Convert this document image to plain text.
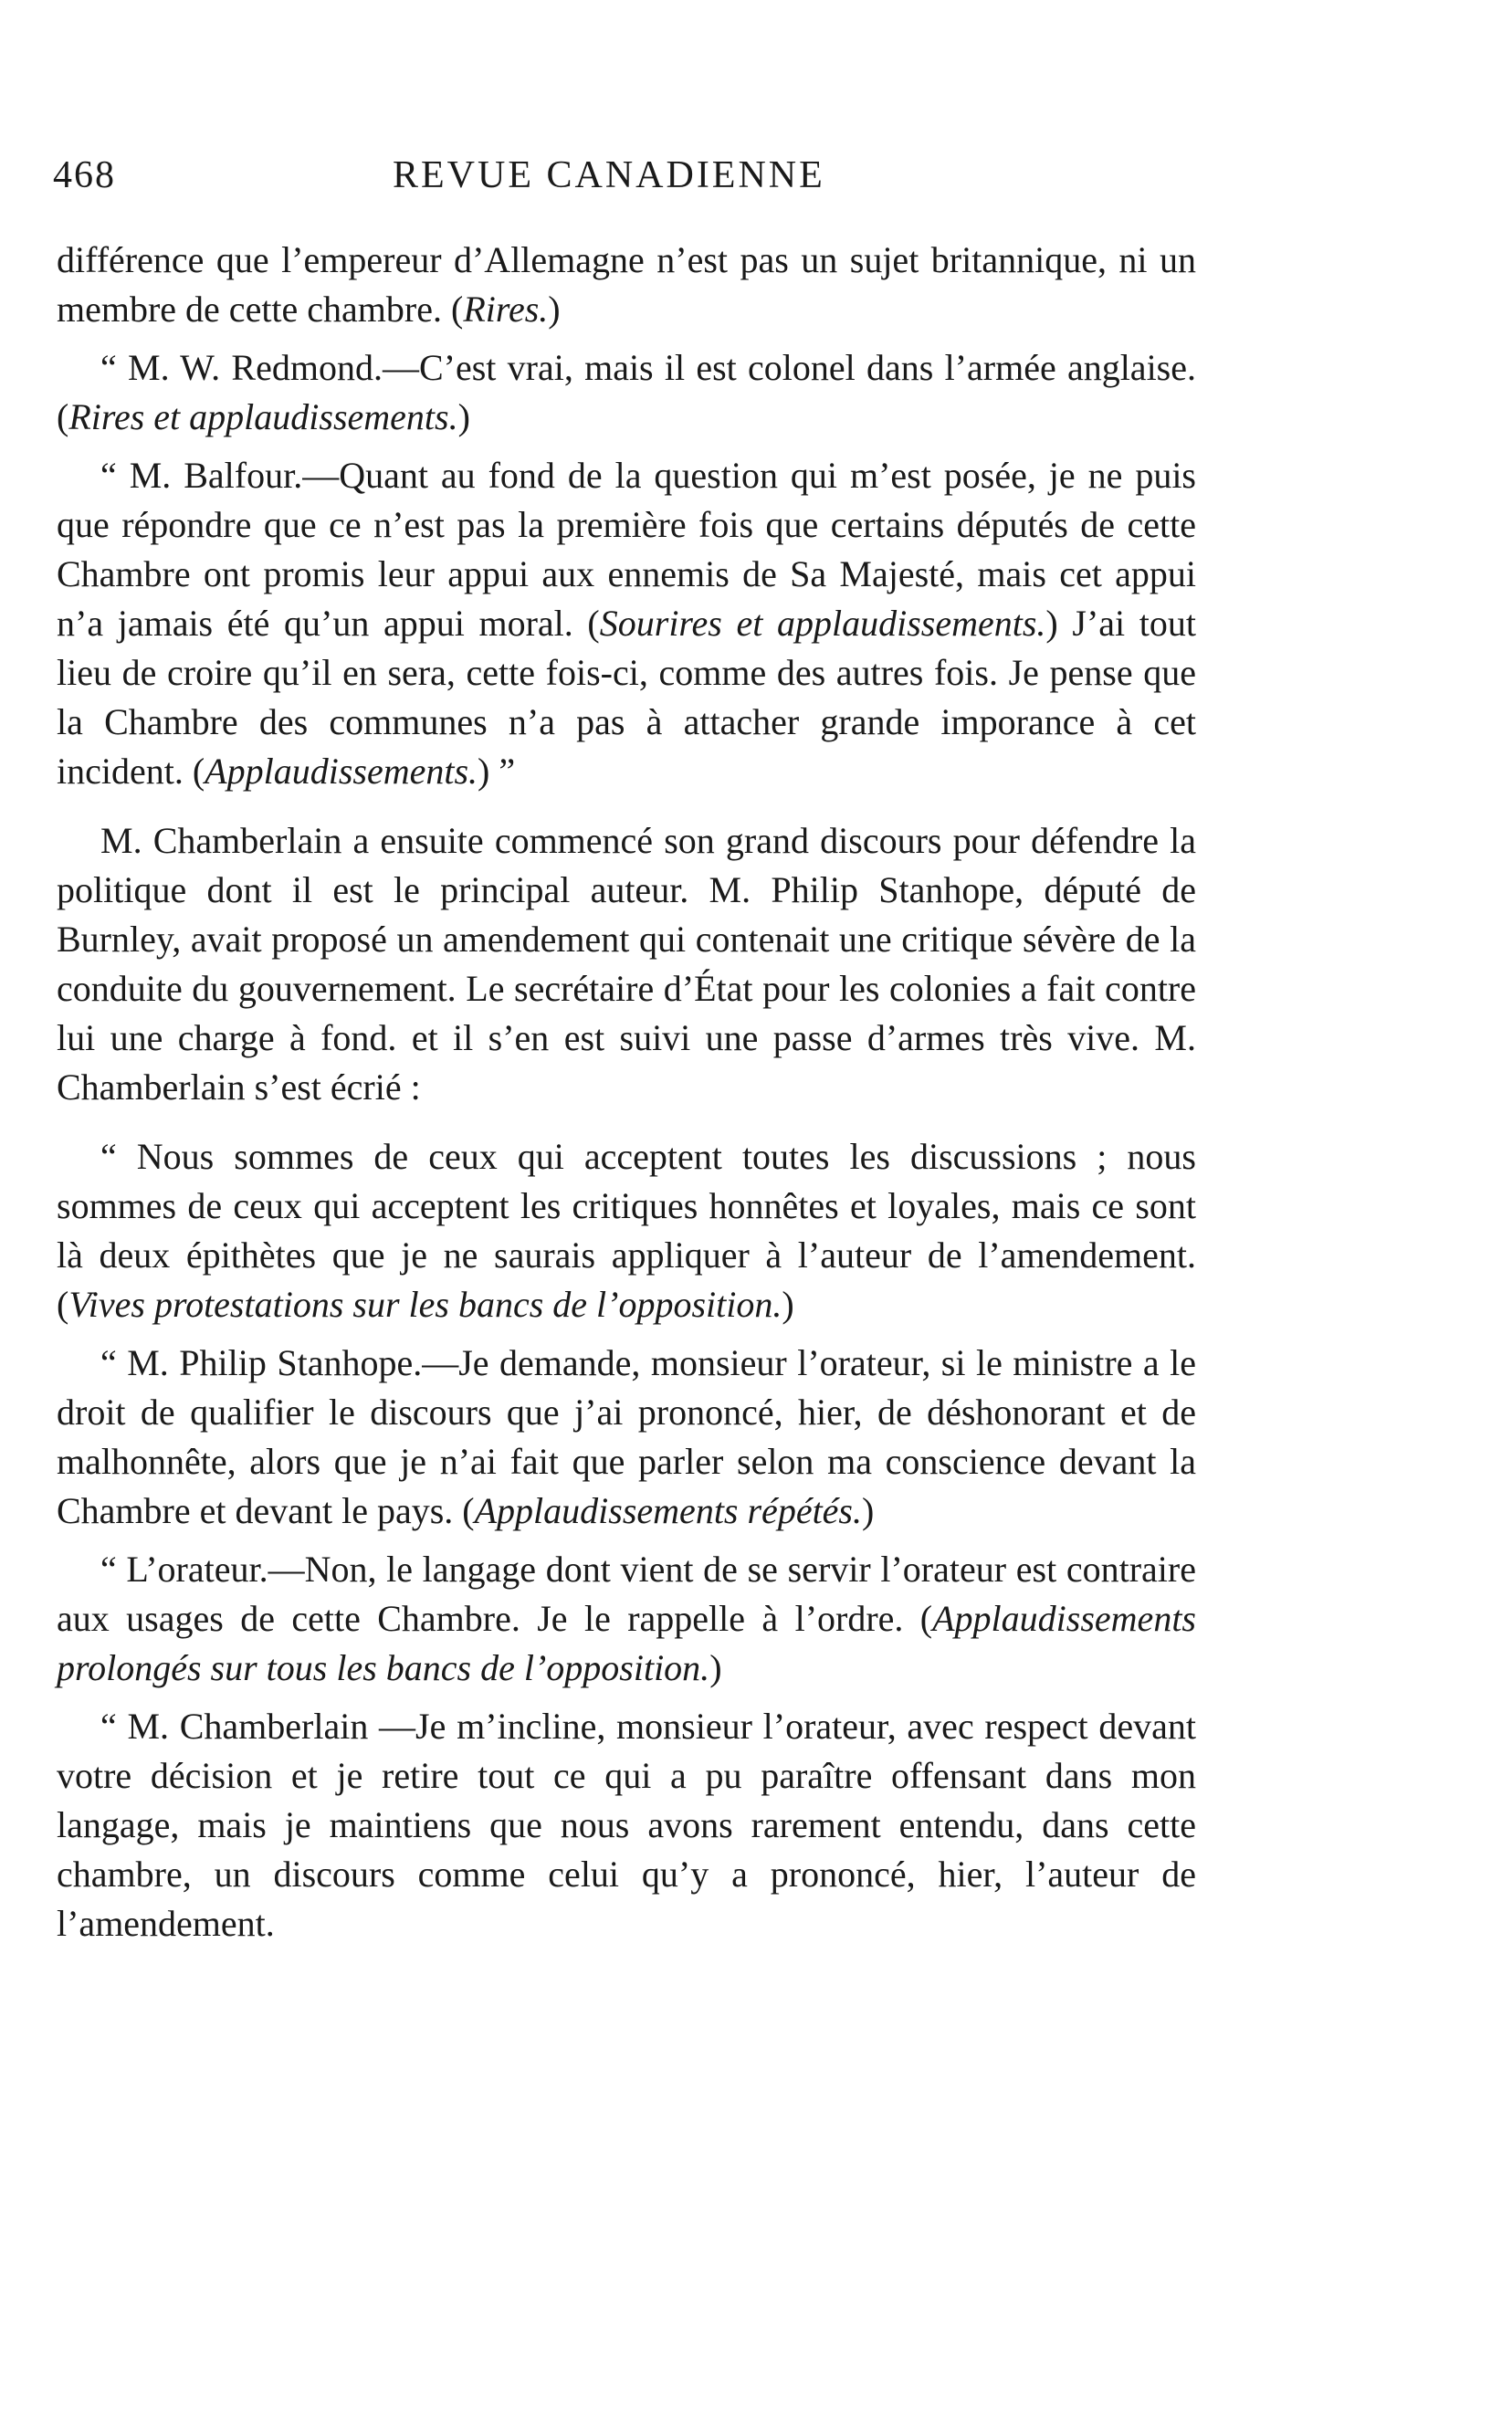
468	REVUE CANADIENNE

différence que l’empereur d’Allemagne n’est pas un sujet britannique, ni un membre de cette chambre. (Rires.)

“ M. W. Redmond.—C’est vrai, mais il est colonel dans l’armée anglaise. (Rires et applaudissements.)

“ M. Balfour.—Quant au fond de la question qui m’est posée, je ne puis que répondre que ce n’est pas la première fois que certains députés de cette Chambre ont promis leur appui aux ennemis de Sa Majesté, mais cet appui n’a jamais été qu’un appui moral. (Sourires et applaudissements.) J’ai tout lieu de croire qu’il en sera, cette fois-ci, comme des autres fois. Je pense que la Chambre des communes n’a pas à attacher grande imporance à cet incident. (Applaudissements.) ”

M. Chamberlain a ensuite commencé son grand discours pour défendre la politique dont il est le principal auteur. M. Philip Stanhope, député de Burnley, avait proposé un amendement qui contenait une critique sévère de la conduite du gouvernement. Le secrétaire d’État pour les colonies a fait contre lui une charge à fond. et il s’en est suivi une passe d’armes très vive. M. Chamberlain s’est écrié :

“ Nous sommes de ceux qui acceptent toutes les discussions ; nous sommes de ceux qui acceptent les critiques honnêtes et loyales, mais ce sont là deux épithètes que je ne saurais appliquer à l’auteur de l’amendement. (Vives protestations sur les bancs de l’opposition.)

“ M. Philip Stanhope.—Je demande, monsieur l’orateur, si le ministre a le droit de qualifier le discours que j’ai prononcé, hier, de déshonorant et de malhonnête, alors que je n’ai fait que parler selon ma conscience devant la Chambre et devant le pays. (Applaudissements répétés.)

“ L’orateur.—Non, le langage dont vient de se servir l’orateur est contraire aux usages de cette Chambre. Je le rappelle à l’ordre. (Applaudissements prolongés sur tous les bancs de l’opposition.)

“ M. Chamberlain —Je m’incline, monsieur l’orateur, avec respect devant votre décision et je retire tout ce qui a pu paraître offensant dans mon langage, mais je maintiens que nous avons rarement entendu, dans cette chambre, un discours comme celui qu’y a prononcé, hier, l’auteur de l’amendement.
